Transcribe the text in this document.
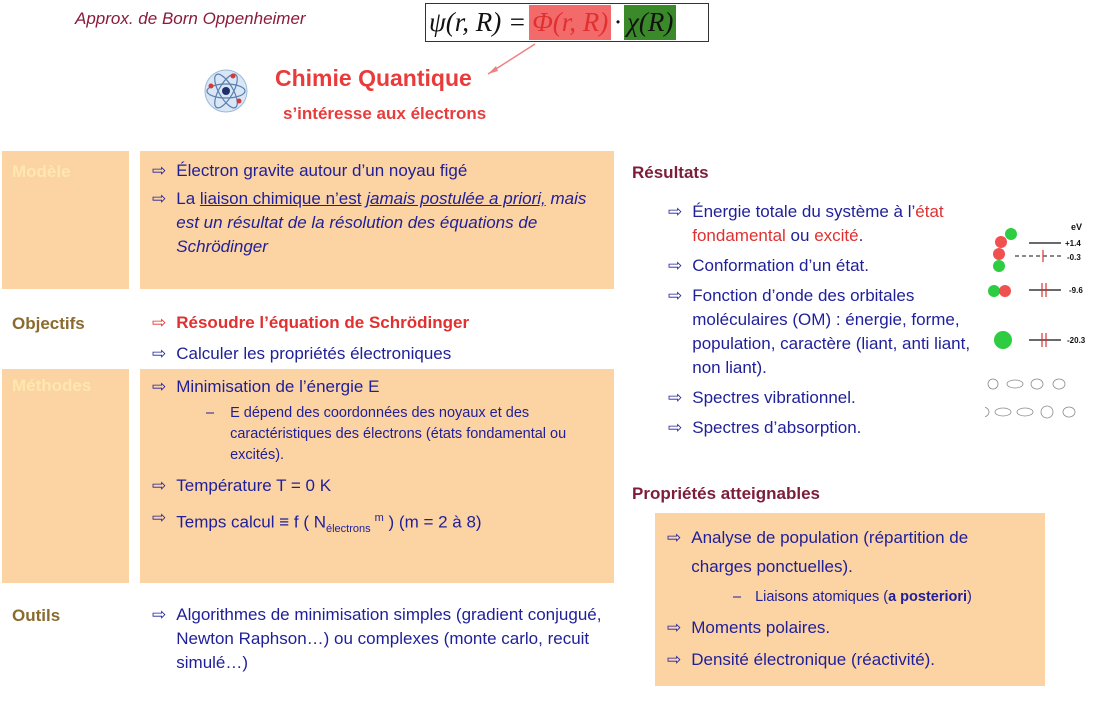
Approx. de Born Oppenheimer	ψ(r, R) = Φ(r, R) · χ(R)
Chimie Quantique
s’intéresse aux électrons
Modèle	⇨ Électron gravite autour d’un noyau figé
⇨ La liaison chimique n’est jamais postulée a priori, mais est un résultat de la résolution des équations de Schrödinger
Objectifs	⇨ Résoudre l’équation de Schrödinger
⇨ Calculer les propriétés électroniques
Méthodes	⇨ Minimisation de l’énergie E
– E dépend des coordonnées des noyaux et des caractéristiques des électrons (états fondamental ou excités).
⇨ Température T = 0 K
⇨ Temps calcul ≡ f ( $N_{électrons}^m$ ) (m = 2 à 8)
Outils	⇨ Algorithmes de minimisation simples (gradient conjugué, Newton Raphson…) ou complexes (monte carlo, recuit simulé…)
Résultats
⇨ Énergie totale du système à l’état fondamental ou excité.
⇨ Conformation d’un état.
⇨ Fonction d’onde des orbitales moléculaires (OM) : énergie, forme, population, caractère (liant, anti liant, non liant).
⇨ Spectres vibrationnel.
⇨ Spectres d’absorption.
eV
+1.4
-0.3
-9.6
-20.3
Propriétés atteignables
⇨ Analyse de population (répartition de charges ponctuelles).
– Liaisons atomiques (a posteriori)
⇨ Moments polaires.
⇨ Densité électronique (réactivité).
